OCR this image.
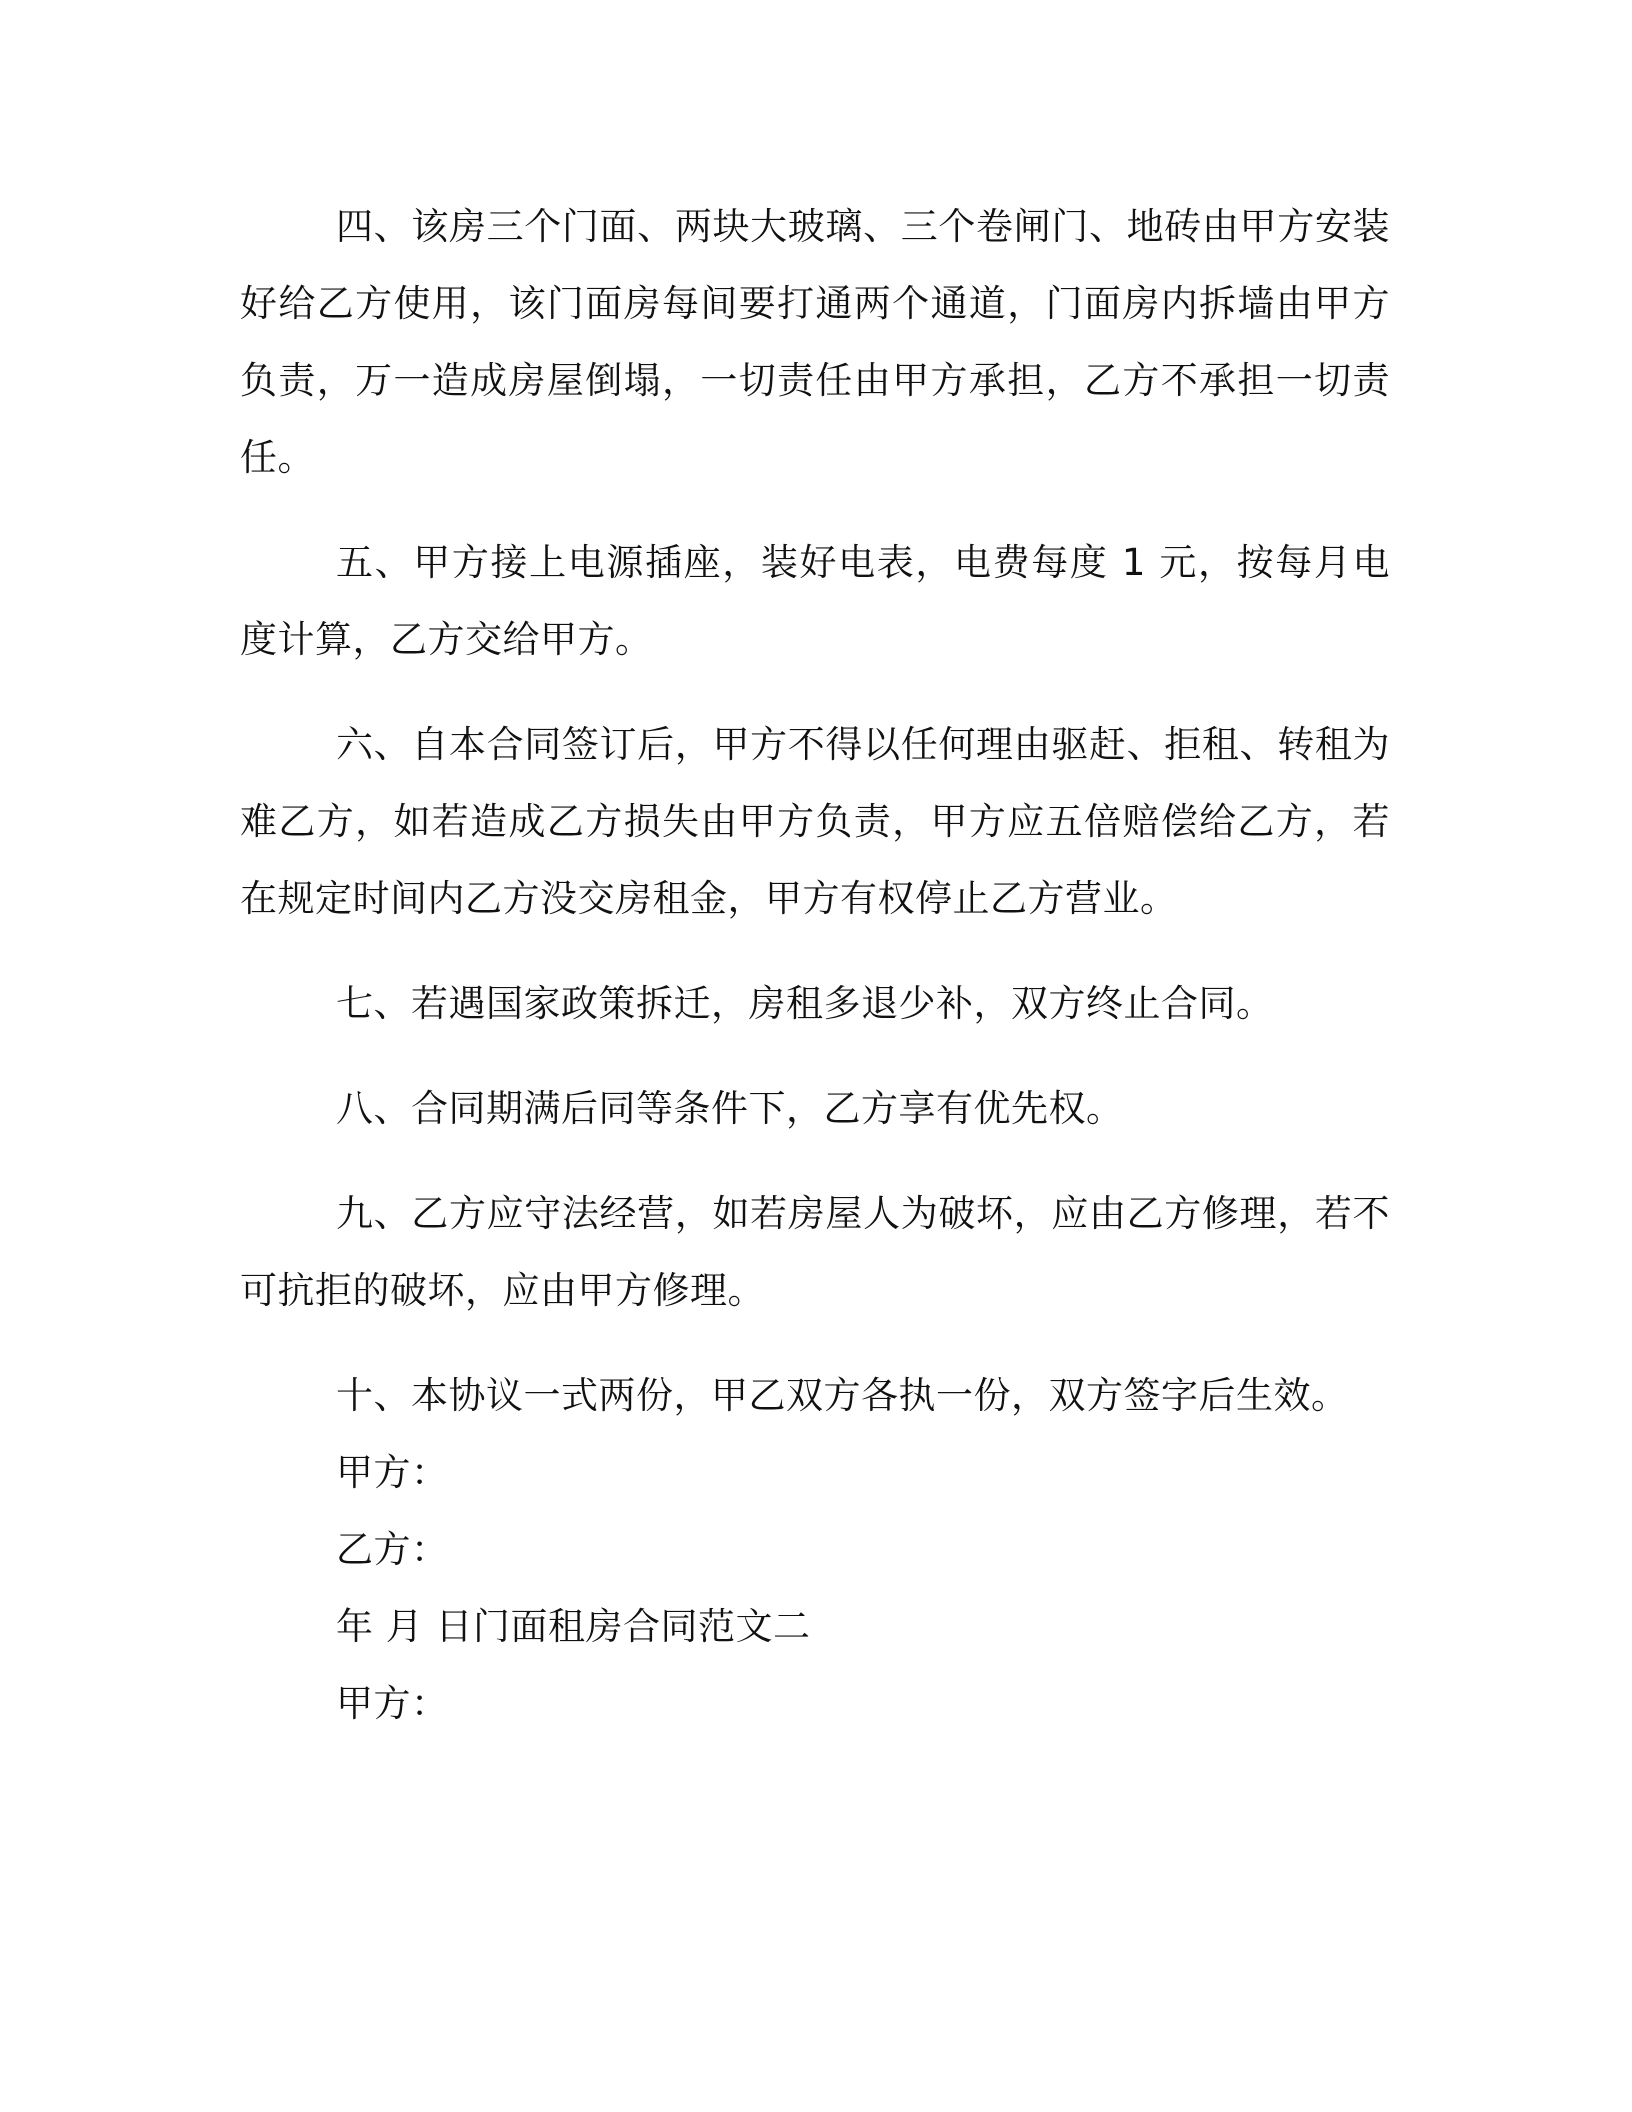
四、该房三个门面、两块大玻璃、三个卷闸门、地砖由甲方安装好给乙方使用，该门面房每间要打通两个通道，门面房内拆墙由甲方负责，万一造成房屋倒塌，一切责任由甲方承担，乙方不承担一切责任。

五、甲方接上电源插座，装好电表，电费每度 1 元，按每月电度计算，乙方交给甲方。

六、自本合同签订后，甲方不得以任何理由驱赶、拒租、转租为难乙方，如若造成乙方损失由甲方负责，甲方应五倍赔偿给乙方，若在规定时间内乙方没交房租金，甲方有权停止乙方营业。

七、若遇国家政策拆迁，房租多退少补，双方终止合同。

八、合同期满后同等条件下，乙方享有优先权。

九、乙方应守法经营，如若房屋人为破坏，应由乙方修理，若不可抗拒的破坏，应由甲方修理。

十、本协议一式两份，甲乙双方各执一份，双方签字后生效。

甲方：

乙方：

年 月 日门面租房合同范文二

甲方：
